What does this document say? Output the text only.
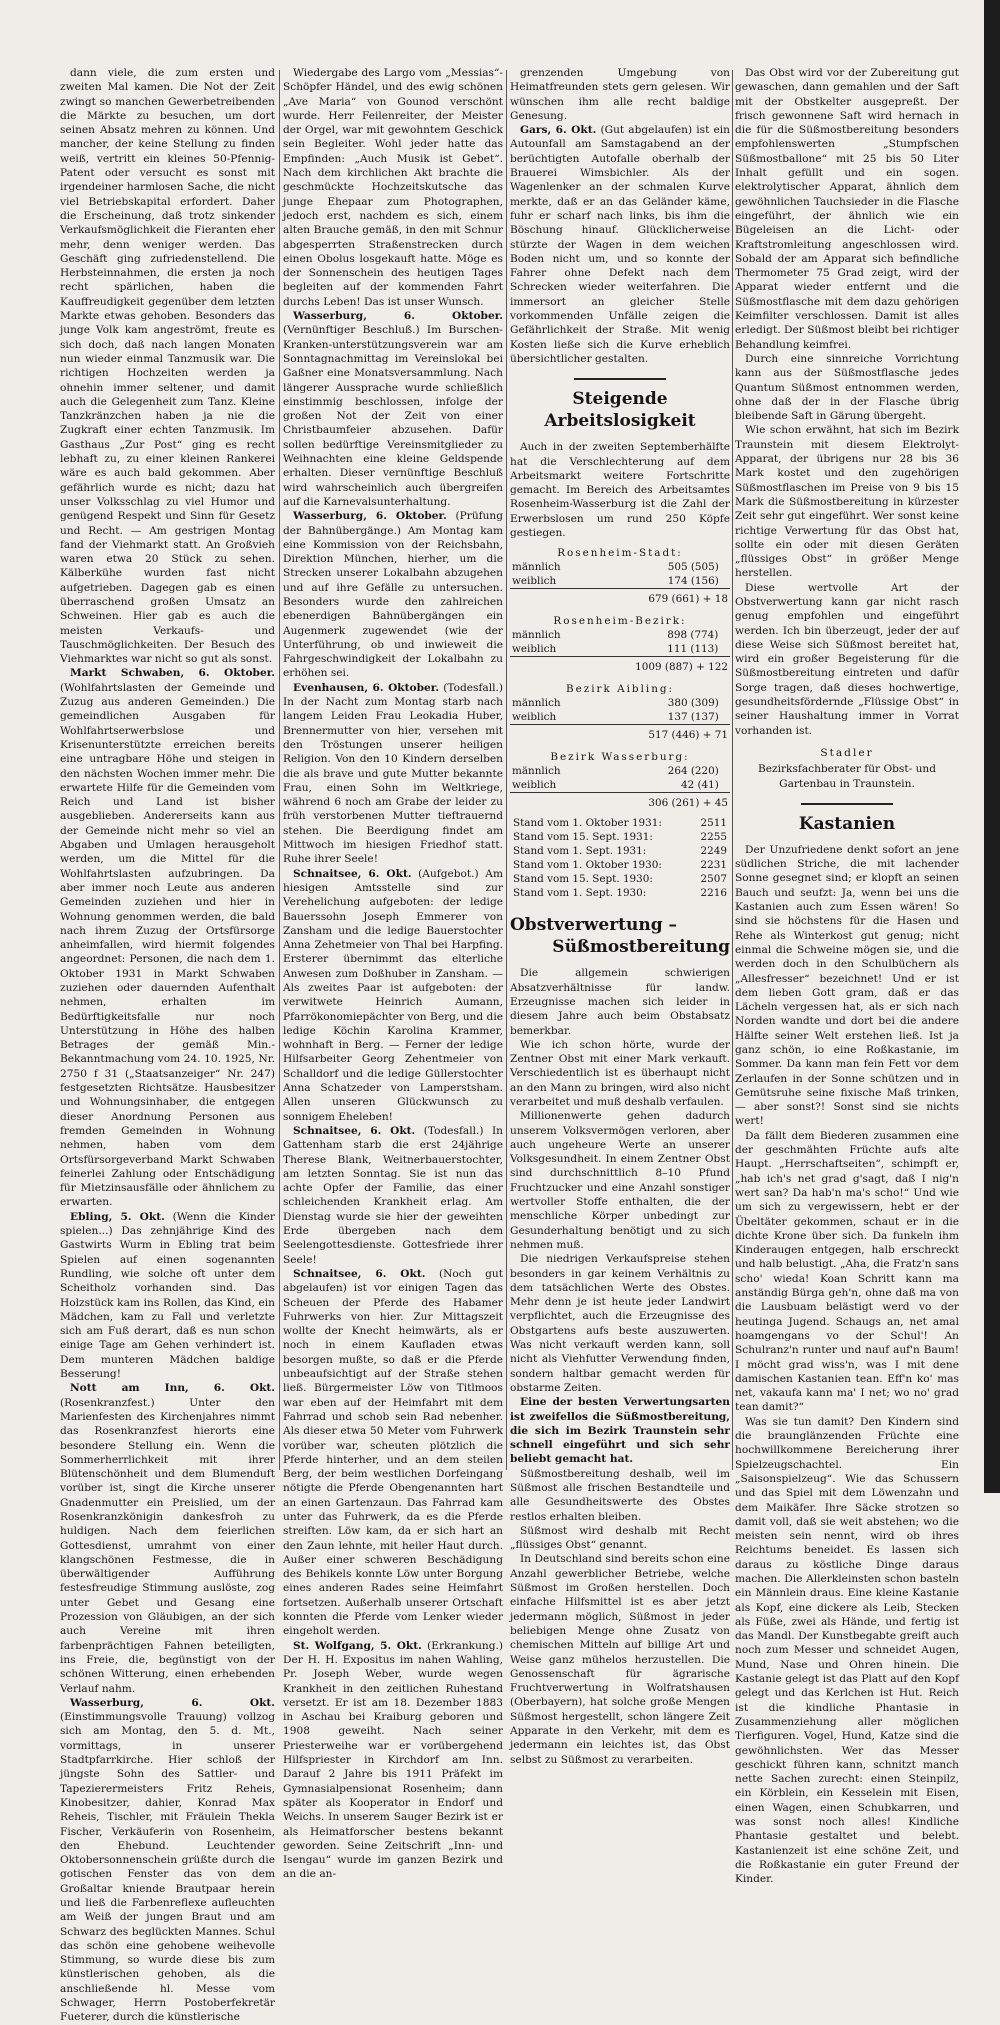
dann viele, die zum ersten und zweiten Mal kamen. Die Not der Zeit zwingt so manchen Gewerbetreibenden die Märkte zu besuchen, um dort seinen Absatz mehren zu können. Und mancher, der keine Stellung zu finden weiß, vertritt ein kleines 50-Pfennig-Patent oder versucht es sonst mit irgendeiner harmlosen Sache, die nicht viel Betriebskapital erfordert. Daher die Erscheinung, daß trotz sinkender Verkaufsmöglichkeit die Fieranten eher mehr, denn weniger werden. Das Geschäft ging zufriedenstellend. Die Herbsteinnahmen, die ersten ja noch recht spärlichen, haben die Kauffreudigkeit gegenüber dem letzten Markte etwas gehoben. Besonders das junge Volk kam angeströmt, freute es sich doch, daß nach langen Monaten nun wieder einmal Tanzmusik war. Die richtigen Hochzeiten werden ja ohnehin immer seltener, und damit auch die Gelegenheit zum Tanz. Kleine Tanzkränzchen haben ja nie die Zugkraft einer echten Tanzmusik. Im Gasthaus „Zur Post“ ging es recht lebhaft zu, zu einer kleinen Rankerei wäre es auch bald gekommen. Aber gefährlich wurde es nicht; dazu hat unser Volksschlag zu viel Humor und genügend Respekt und Sinn für Gesetz und Recht. — Am gestrigen Montag fand der Viehmarkt statt. An Großvieh waren etwa 20 Stück zu sehen. Kälberkühe wurden fast nicht aufgetrieben. Dagegen gab es einen überraschend großen Umsatz an Schweinen. Hier gab es auch die meisten Verkaufs- und Tauschmöglichkeiten. Der Besuch des Viehmarktes war nicht so gut als sonst.

Markt Schwaben, 6. Oktober. (Wohlfahrtslasten der Gemeinde und Zuzug aus anderen Gemeinden.) Die gemeindlichen Ausgaben für Wohlfahrtserwerbslose und Krisenunterstützte erreichen bereits eine untragbare Höhe und steigen in den nächsten Wochen immer mehr. Die erwartete Hilfe für die Gemeinden vom Reich und Land ist bisher ausgeblieben. Andererseits kann aus der Gemeinde nicht mehr so viel an Abgaben und Umlagen herausgeholt werden, um die Mittel für die Wohlfahrtslasten aufzubringen. Da aber immer noch Leute aus anderen Gemeinden zuziehen und hier in Wohnung genommen werden, die bald nach ihrem Zuzug der Ortsfürsorge anheimfallen, wird hiermit folgendes angeordnet: Personen, die nach dem 1. Oktober 1931 in Markt Schwaben zuziehen oder dauernden Aufenthalt nehmen, erhalten im Bedürftigkeitsfalle nur noch Unterstützung in Höhe des halben Betrages der gemäß Min.-Bekanntmachung vom 24. 10. 1925, Nr. 2750 f 31 („Staatsanzeiger“ Nr. 247) festgesetzten Richtsätze. Hausbesitzer und Wohnungsinhaber, die entgegen dieser Anordnung Personen aus fremden Gemeinden in Wohnung nehmen, haben vom dem Ortsfürsorgeverband Markt Schwaben feinerlei Zahlung oder Entschädigung für Mietzinsausfälle oder ähnlichem zu erwarten.

Ebling, 5. Okt. (Wenn die Kinder spielen...) Das zehnjährige Kind des Gastwirts Wurm in Ebling trat beim Spielen auf einen sogenannten Rundling, wie solche oft unter dem Scheitholz vorhanden sind. Das Holzstück kam ins Rollen, das Kind, ein Mädchen, kam zu Fall und verletzte sich am Fuß derart, daß es nun schon einige Tage am Gehen verhindert ist. Dem munteren Mädchen baldige Besserung!

Nott am Inn, 6. Okt. (Rosenkranzfest.) Unter den Marienfesten des Kirchenjahres nimmt das Rosenkranzfest hierorts eine besondere Stellung ein. Wenn die Sommerherrlichkeit mit ihrer Blütenschönheit und dem Blumenduft vorüber ist, singt die Kirche unserer Gnadenmutter ein Preislied, um der Rosenkranzkönigin dankesfroh zu huldigen. Nach dem feierlichen Gottesdienst, umrahmt von einer klangschönen Festmesse, die in überwältigender Aufführung festesfreudige Stimmung auslöste, zog unter Gebet und Gesang eine Prozession von Gläubigen, an der sich auch Vereine mit ihren farbenprächtigen Fahnen beteiligten, ins Freie, die, begünstigt von der schönen Witterung, einen erhebenden Verlauf nahm.

Wasserburg, 6. Okt. (Einstimmungsvolle Trauung) vollzog sich am Montag, den 5. d. Mt., vormittags, in unserer Stadtpfarrkirche. Hier schloß der jüngste Sohn des Sattler- und Tapezierermeisters Fritz Reheis, Kinobesitzer, dahier, Konrad Max Reheis, Tischler, mit Fräulein Thekla Fischer, Verkäuferin von Rosenheim, den Ehebund. Leuchtender Oktobersonnenschein grüßte durch die gotischen Fenster das von dem Großaltar kniende Brautpaar herein und ließ die Farbenreflexe aufleuchten am Weiß der jungen Braut und am Schwarz des beglückten Mannes. Schul das schön eine gehobene weihevolle Stimmung, so wurde diese bis zum künstlerischen gehoben, als die anschließende hl. Messe vom Schwager, Herrn Postoberfekretär Fueterer, durch die künstlerische

Wiedergabe des Largo vom „Messias“-Schöpfer Händel, und des ewig schönen „Ave Maria“ von Gounod verschönt wurde. Herr Feilenreiter, der Meister der Orgel, war mit gewohntem Geschick sein Begleiter. Wohl jeder hatte das Empfinden: „Auch Musik ist Gebet“. Nach dem kirchlichen Akt brachte die geschmückte Hochzeitskutsche das junge Ehepaar zum Photographen, jedoch erst, nachdem es sich, einem alten Brauche gemäß, in den mit Schnur abgesperrten Straßenstrecken durch einen Obolus losgekauft hatte. Möge es der Sonnenschein des heutigen Tages begleiten auf der kommenden Fahrt durchs Leben! Das ist unser Wunsch.

Wasserburg, 6. Oktober. (Vernünftiger Beschluß.) Im Burschen-Kranken-unterstützungsverein war am Sonntagnachmittag im Vereinslokal bei Gaßner eine Monatsversammlung. Nach längerer Aussprache wurde schließlich einstimmig beschlossen, infolge der großen Not der Zeit von einer Christbaumfeier abzusehen. Dafür sollen bedürftige Vereinsmitglieder zu Weihnachten eine kleine Geldspende erhalten. Dieser vernünftige Beschluß wird wahrscheinlich auch übergreifen auf die Karnevalsunterhaltung.

Wasserburg, 6. Oktober. (Prüfung der Bahnübergänge.) Am Montag kam eine Kommission von der Reichsbahn, Direktion München, hierher, um die Strecken unserer Lokalbahn abzugehen und auf ihre Gefälle zu untersuchen. Besonders wurde den zahlreichen ebenerdigen Bahnübergängen ein Augenmerk zugewendet (wie der Unterführung, ob und inwieweit die Fahrgeschwindigkeit der Lokalbahn zu erhöhen sei.

Evenhausen, 6. Oktober. (Todesfall.) In der Nacht zum Montag starb nach langem Leiden Frau Leokadia Huber, Brennermutter von hier, versehen mit den Tröstungen unserer heiligen Religion. Von den 10 Kindern derselben die als brave und gute Mutter bekannte Frau, einen Sohn im Weltkriege, während 6 noch am Grabe der leider zu früh verstorbenen Mutter tieftrauernd stehen. Die Beerdigung findet am Mittwoch im hiesigen Friedhof statt. Ruhe ihrer Seele!

Schnaitsee, 6. Okt. (Aufgebot.) Am hiesigen Amtsstelle sind zur Verehelichung aufgeboten: der ledige Bauerssohn Joseph Emmerer von Zansham und die ledige Bauerstochter Anna Zehetmeier von Thal bei Harpfing. Ersterer übernimmt das elterliche Anwesen zum Doßhuber in Zansham. — Als zweites Paar ist aufgeboten: der verwitwete Heinrich Aumann, Pfarrökonomiepächter von Berg, und die ledige Köchin Karolina Krammer, wohnhaft in Berg. — Ferner der ledige Hilfsarbeiter Georg Zehentmeier von Schalldorf und die ledige Güllerstochter Anna Schatzeder von Lamperstsham. Allen unseren Glückwunsch zu sonnigem Eheleben!

Schnaitsee, 6. Okt. (Todesfall.) In Gattenham starb die erst 24jährige Therese Blank, Weitnerbauerstochter, am letzten Sonntag. Sie ist nun das achte Opfer der Familie, das einer schleichenden Krankheit erlag. Am Dienstag wurde sie hier der geweihten Erde übergeben nach dem Seelengottesdienste. Gottesfriede ihrer Seele!

Schnaitsee, 6. Okt. (Noch gut abgelaufen) ist vor einigen Tagen das Scheuen der Pferde des Habamer Fuhrwerks von hier. Zur Mittagszeit wollte der Knecht heimwärts, als er noch in einem Kaufladen etwas besorgen mußte, so daß er die Pferde unbeaufsichtigt auf der Straße stehen ließ. Bürgermeister Löw von Titlmoos war eben auf der Heimfahrt mit dem Fahrrad und schob sein Rad nebenher. Als dieser etwa 50 Meter vom Fuhrwerk vorüber war, scheuten plötzlich die Pferde hinterher, und an dem steilen Berg, der beim westlichen Dorfeingang nötigte die Pferde Obengenannten hart an einen Gartenzaun. Das Fahrrad kam unter das Fuhrwerk, da es die Pferde streiften. Löw kam, da er sich hart an den Zaun lehnte, mit heiler Haut durch. Außer einer schweren Beschädigung des Behikels konnte Löw unter Borgung eines anderen Rades seine Heimfahrt fortsetzen. Außerhalb unserer Ortschaft konnten die Pferde vom Lenker wieder eingeholt werden.

St. Wolfgang, 5. Okt. (Erkrankung.) Der H. H. Expositus im nahen Wahling, Pr. Joseph Weber, wurde wegen Krankheit in den zeitlichen Ruhestand versetzt. Er ist am 18. Dezember 1883 in Aschau bei Kraiburg geboren und 1908 geweiht. Nach seiner Priesterweihe war er vorübergehend Hilfspriester in Kirchdorf am Inn. Darauf 2 Jahre bis 1911 Präfekt im Gymnasialpensionat Rosenheim; dann später als Kooperator in Endorf und Weichs. In unserem Sauger Bezirk ist er als Heimatforscher bestens bekannt geworden. Seine Zeitschrift „Inn- und Isengau“ wurde im ganzen Bezirk und an die an-

grenzenden Umgebung von Heimatfreunden stets gern gelesen. Wir wünschen ihm alle recht baldige Genesung.

Gars, 6. Okt. (Gut abgelaufen) ist ein Autounfall am Samstagabend an der berüchtigten Autofalle oberhalb der Brauerei Wimsbichler. Als der Wagenlenker an der schmalen Kurve merkte, daß er an das Geländer käme, fuhr er scharf nach links, bis ihm die Böschung hinauf. Glücklicherweise stürzte der Wagen in dem weichen Boden nicht um, und so konnte der Fahrer ohne Defekt nach dem Schrecken wieder weiterfahren. Die immersort an gleicher Stelle vorkommenden Unfälle zeigen die Gefährlichkeit der Straße. Mit wenig Kosten ließe sich die Kurve erheblich übersichtlicher gestalten.

Steigende Arbeitslosigkeit

Auch in der zweiten Septemberhälfte hat die Verschlechterung auf dem Arbeitsmarkt weitere Fortschritte gemacht. Im Bereich des Arbeitsamtes Rosenheim-Wasserburg ist die Zahl der Erwerbslosen um rund 250 Köpfe gestiegen.

Rosenheim-Stadt:
männlich	505 (505)	
weiblich	174 (156)	
	679 (661) + 18	
Rosenheim-Bezirk:
männlich	898 (774)	
weiblich	111 (113)	
	1009 (887) + 122	
Bezirk Aibling:
männlich	380 (309)	
weiblich	137 (137)	
	517 (446) + 71	
Bezirk Wasserburg:
männlich	264 (220)	
weiblich	42 (41)	
	306 (261) + 45	
Stand vom 1. Oktober 1931:	2511
Stand vom 15. Sept. 1931:	2255
Stand vom 1. Sept. 1931:	2249
Stand vom 1. Oktober 1930:	2231
Stand vom 15. Sept. 1930:	2507
Stand vom 1. Sept. 1930:	2216
Obstverwertung –
Süßmostbereitung

Die allgemein schwierigen Absatzverhältnisse für landw. Erzeugnisse machen sich leider in diesem Jahre auch beim Obstabsatz bemerkbar.

Wie ich schon hörte, wurde der Zentner Obst mit einer Mark verkauft. Verschiedentlich ist es überhaupt nicht an den Mann zu bringen, wird also nicht verarbeitet und muß deshalb verfaulen.

Millionenwerte gehen dadurch unserem Volksvermögen verloren, aber auch ungeheure Werte an unserer Volksgesundheit. In einem Zentner Obst sind durchschnittlich 8–10 Pfund Fruchtzucker und eine Anzahl sonstiger wertvoller Stoffe enthalten, die der menschliche Körper unbedingt zur Gesunderhaltung benötigt und zu sich nehmen muß.

Die niedrigen Verkaufspreise stehen besonders in gar keinem Verhältnis zu dem tatsächlichen Werte des Obstes. Mehr denn je ist heute jeder Landwirt verpflichtet, auch die Erzeugnisse des Obstgartens aufs beste auszuwerten. Was nicht verkauft werden kann, soll nicht als Viehfutter Verwendung finden, sondern haltbar gemacht werden für obstarme Zeiten.

Eine der besten Verwertungsarten ist zweifellos die Süßmostbereitung, die sich im Bezirk Traunstein sehr schnell eingeführt und sich sehr beliebt gemacht hat.

Süßmostbereitung deshalb, weil im Süßmost alle frischen Bestandteile und alle Gesundheitswerte des Obstes restlos erhalten bleiben.

Süßmost wird deshalb mit Recht „flüssiges Obst“ genannt.

In Deutschland sind bereits schon eine Anzahl gewerblicher Betriebe, welche Süßmost im Großen herstellen. Doch einfache Hilfsmittel ist es aber jetzt jedermann möglich, Süßmost in jeder beliebigen Menge ohne Zusatz von chemischen Mitteln auf billige Art und Weise ganz mühelos herzustellen. Die Genossenschaft für ägrarische Fruchtverwertung in Wolfratshausen (Oberbayern), hat solche große Mengen Süßmost hergestellt, schon längere Zeit Apparate in den Verkehr, mit dem es jedermann ein leichtes ist, das Obst selbst zu Süßmost zu verarbeiten.

Das Obst wird vor der Zubereitung gut gewaschen, dann gemahlen und der Saft mit der Obstkelter ausgepreßt. Der frisch gewonnene Saft wird hernach in die für die Süßmostbereitung besonders empfohlenswerten „Stumpfschen Süßmostballone“ mit 25 bis 50 Liter Inhalt gefüllt und ein sogen. elektrolytischer Apparat, ähnlich dem gewöhnlichen Tauchsieder in die Flasche eingeführt, der ähnlich wie ein Bügeleisen an die Licht- oder Kraftstromleitung angeschlossen wird. Sobald der am Apparat sich befindliche Thermometer 75 Grad zeigt, wird der Apparat wieder entfernt und die Süßmostflasche mit dem dazu gehörigen Keimfilter verschlossen. Damit ist alles erledigt. Der Süßmost bleibt bei richtiger Behandlung keimfrei.

Durch eine sinnreiche Vorrichtung kann aus der Süßmostflasche jedes Quantum Süßmost entnommen werden, ohne daß der in der Flasche übrig bleibende Saft in Gärung übergeht.

Wie schon erwähnt, hat sich im Bezirk Traunstein mit diesem Elektrolyt-Apparat, der übrigens nur 28 bis 36 Mark kostet und den zugehörigen Süßmostflaschen im Preise von 9 bis 15 Mark die Süßmostbereitung in kürzester Zeit sehr gut eingeführt. Wer sonst keine richtige Verwertung für das Obst hat, sollte ein oder mit diesen Geräten „flüssiges Obst“ in größer Menge herstellen.

Diese wertvolle Art der Obstverwertung kann gar nicht rasch genug empfohlen und eingeführt werden. Ich bin überzeugt, jeder der auf diese Weise sich Süßmost bereitet hat, wird ein großer Begeisterung für die Süßmostbereitung eintreten und dafür Sorge tragen, daß dieses hochwertige, gesundheitsfördernde „Flüssige Obst“ in seiner Haushaltung immer in Vorrat vorhanden ist.

Stadler
Bezirksfachberater für Obst- und Gartenbau in Traunstein.
Kastanien

Der Unzufriedene denkt sofort an jene südlichen Striche, die mit lachender Sonne gesegnet sind; er klopft an seinen Bauch und seufzt: Ja, wenn bei uns die Kastanien auch zum Essen wären! So sind sie höchstens für die Hasen und Rehe als Winterkost gut genug; nicht einmal die Schweine mögen sie, und die werden doch in den Schulbüchern als „Allesfresser“ bezeichnet! Und er ist dem lieben Gott gram, daß er das Lächeln vergessen hat, als er sich nach Norden wandte und dort bei die andere Hälfte seiner Welt erstehen ließ. Ist ja ganz schön, io eine Roßkastanie, im Sommer. Da kann man fein Fett vor dem Zerlaufen in der Sonne schützen und in Gemütsruhe seine fixische Maß trinken, — aber sonst?! Sonst sind sie nichts wert!

Da fällt dem Biederen zusammen eine der geschmähten Früchte aufs alte Haupt. „Herrschaftseiten“, schimpft er, „hab ich's net grad g'sagt, daß I nig'n wert san? Da hab'n ma's scho!“ Und wie um sich zu vergewissern, hebt er der Übeltäter gekommen, schaut er in die dichte Krone über sich. Da funkeln ihm Kinderaugen entgegen, halb erschreckt und halb belustigt. „Aha, die Fratz'n sans scho' wieda! Koan Schritt kann ma anständig Bürga geh'n, ohne daß ma von die Lausbuam belästigt werd vo der heutinga Jugend. Schaugs an, net amal hoamgengans vo der Schul'! An Schulranz'n runter und nauf auf'n Baum! I möcht grad wiss'n, was I mit dene damischen Kastanien tean. Eff'n ko' mas net, vakaufa kann ma' I net; wo no' grad tean damit?“

Was sie tun damit? Den Kindern sind die braunglänzenden Früchte eine hochwillkommene Bereicherung ihrer Spielzeugschachtel. Ein „Saisonspielzeug“. Wie das Schussern und das Spiel mit dem Löwenzahn und dem Maikäfer. Ihre Säcke strotzen so damit voll, daß sie weit abstehen; wo die meisten sein nennt, wird ob ihres Reichtums beneidet. Es lassen sich daraus zu köstliche Dinge daraus machen. Die Allerkleinsten schon basteln ein Männlein draus. Eine kleine Kastanie als Kopf, eine dickere als Leib, Stecken als Füße, zwei als Hände, und fertig ist das Mandl. Der Kunstbegabte greift auch noch zum Messer und schneidet Augen, Mund, Nase und Ohren hinein. Die Kastanie gelegt ist das Platt auf den Kopf gelegt und das Kerlchen ist Hut. Reich ist die kindliche Phantasie in Zusammenziehung aller möglichen Tierfiguren. Vogel, Hund, Katze sind die gewöhnlichsten. Wer das Messer geschickt führen kann, schnitzt manch nette Sachen zurecht: einen Steinpilz, ein Körblein, ein Kesselein mit Eisen, einen Wagen, einen Schubkarren, und was sonst noch alles! Kindliche Phantasie gestaltet und belebt. Kastanienzeit ist eine schöne Zeit, und die Roßkastanie ein guter Freund der Kinder.
